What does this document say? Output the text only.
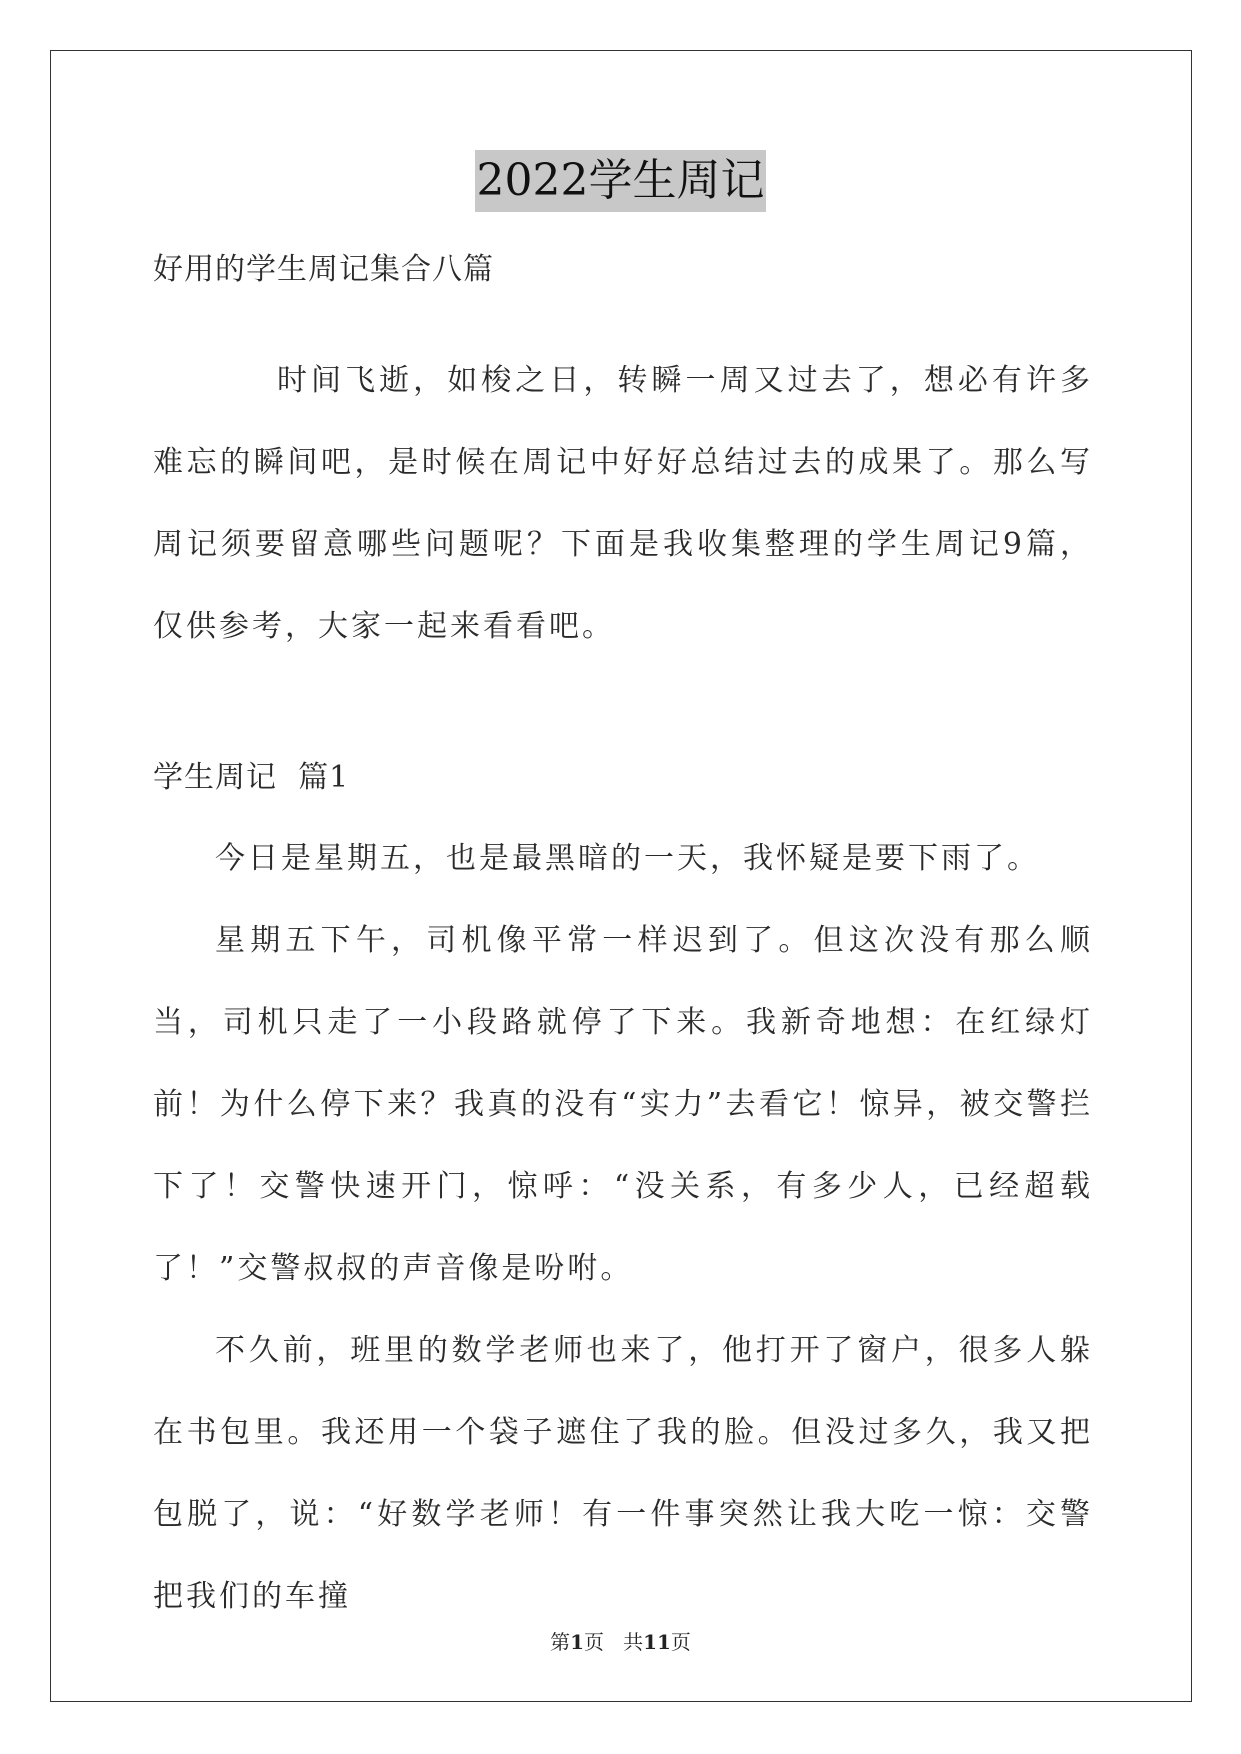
2022学生周记
好用的学生周记集合八篇
时间飞逝，如梭之日，转瞬一周又过去了，想必有许多难忘的瞬间吧，是时候在周记中好好总结过去的成果了。那么写周记须要留意哪些问题呢？下面是我收集整理的学生周记9篇，仅供参考，大家一起来看看吧。
学生周记  篇1

今日是星期五，也是最黑暗的一天，我怀疑是要下雨了。

星期五下午，司机像平常一样迟到了。但这次没有那么顺当，司机只走了一小段路就停了下来。我新奇地想：在红绿灯前！为什么停下来？我真的没有“实力”去看它！惊异，被交警拦下了！交警快速开门，惊呼：“没关系，有多少人，已经超载了！”交警叔叔的声音像是吩咐。

不久前，班里的数学老师也来了，他打开了窗户，很多人躲在书包里。我还用一个袋子遮住了我的脸。但没过多久，我又把包脱了，说：“好数学老师！有一件事突然让我大吃一惊：交警把我们的车撞

第1页   共11页
